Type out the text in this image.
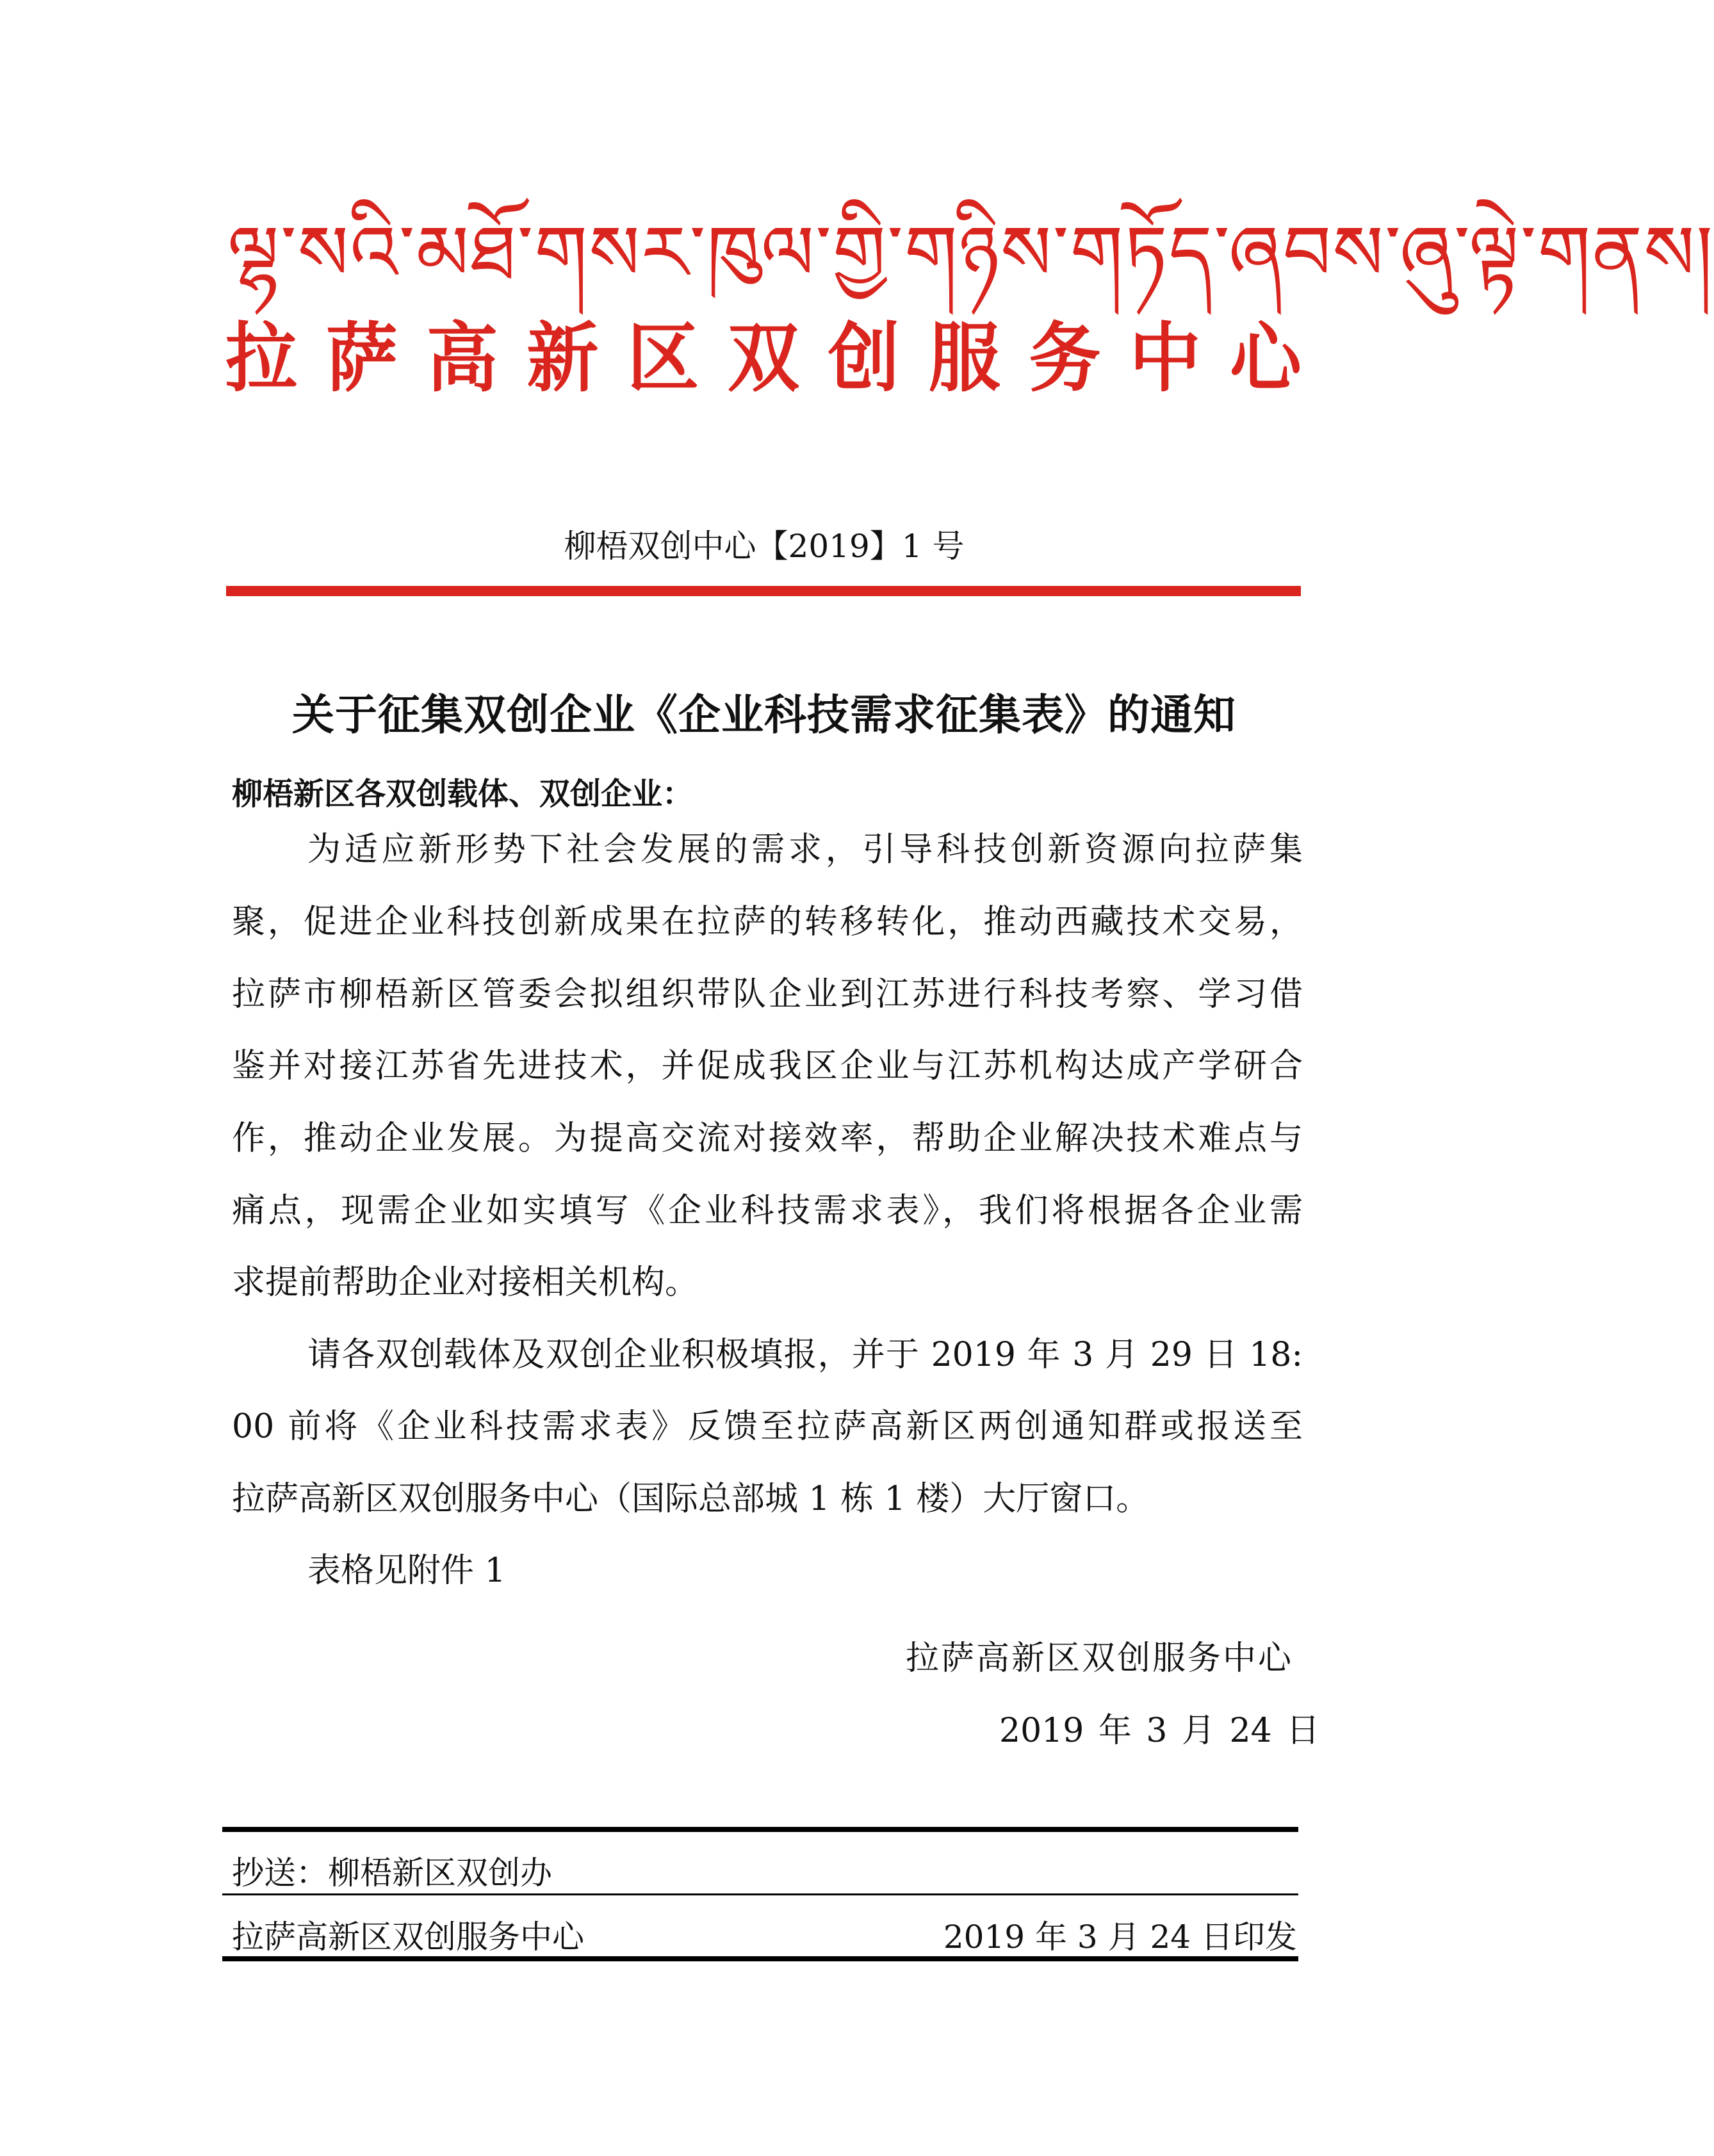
ལྷ་སའི་མཐོ་གསར་ཁུལ་གྱི་གཉིས་གཏོད་ཞབས་ཞུ་ལྟེ་གནས།
拉 萨 高 新 区 双 创 服 务 中 心
柳梧双创中心【2019】1 号
关于征集双创企业《企业科技需求征集表》的通知
柳梧新区各双创载体、双创企业：
为适应新形势下社会发展的需求，引导科技创新资源向拉萨集
聚，促进企业科技创新成果在拉萨的转移转化，推动西藏技术交易，
拉萨市柳梧新区管委会拟组织带队企业到江苏进行科技考察、学习借
鉴并对接江苏省先进技术，并促成我区企业与江苏机构达成产学研合
作，推动企业发展。为提高交流对接效率，帮助企业解决技术难点与
痛点，现需企业如实填写《企业科技需求表》，我们将根据各企业需
求提前帮助企业对接相关机构。
请各双创载体及双创企业积极填报，并于 2019 年 3 月 29 日 18:
00 前将《企业科技需求表》反馈至拉萨高新区两创通知群或报送至
拉萨高新区双创服务中心（国际总部城 1 栋 1 楼）大厅窗口。
表格见附件 1
拉萨高新区双创服务中心
2019 年 3 月 24 日
抄送：柳梧新区双创办
拉萨高新区双创服务中心	2019 年 3 月 24 日印发
